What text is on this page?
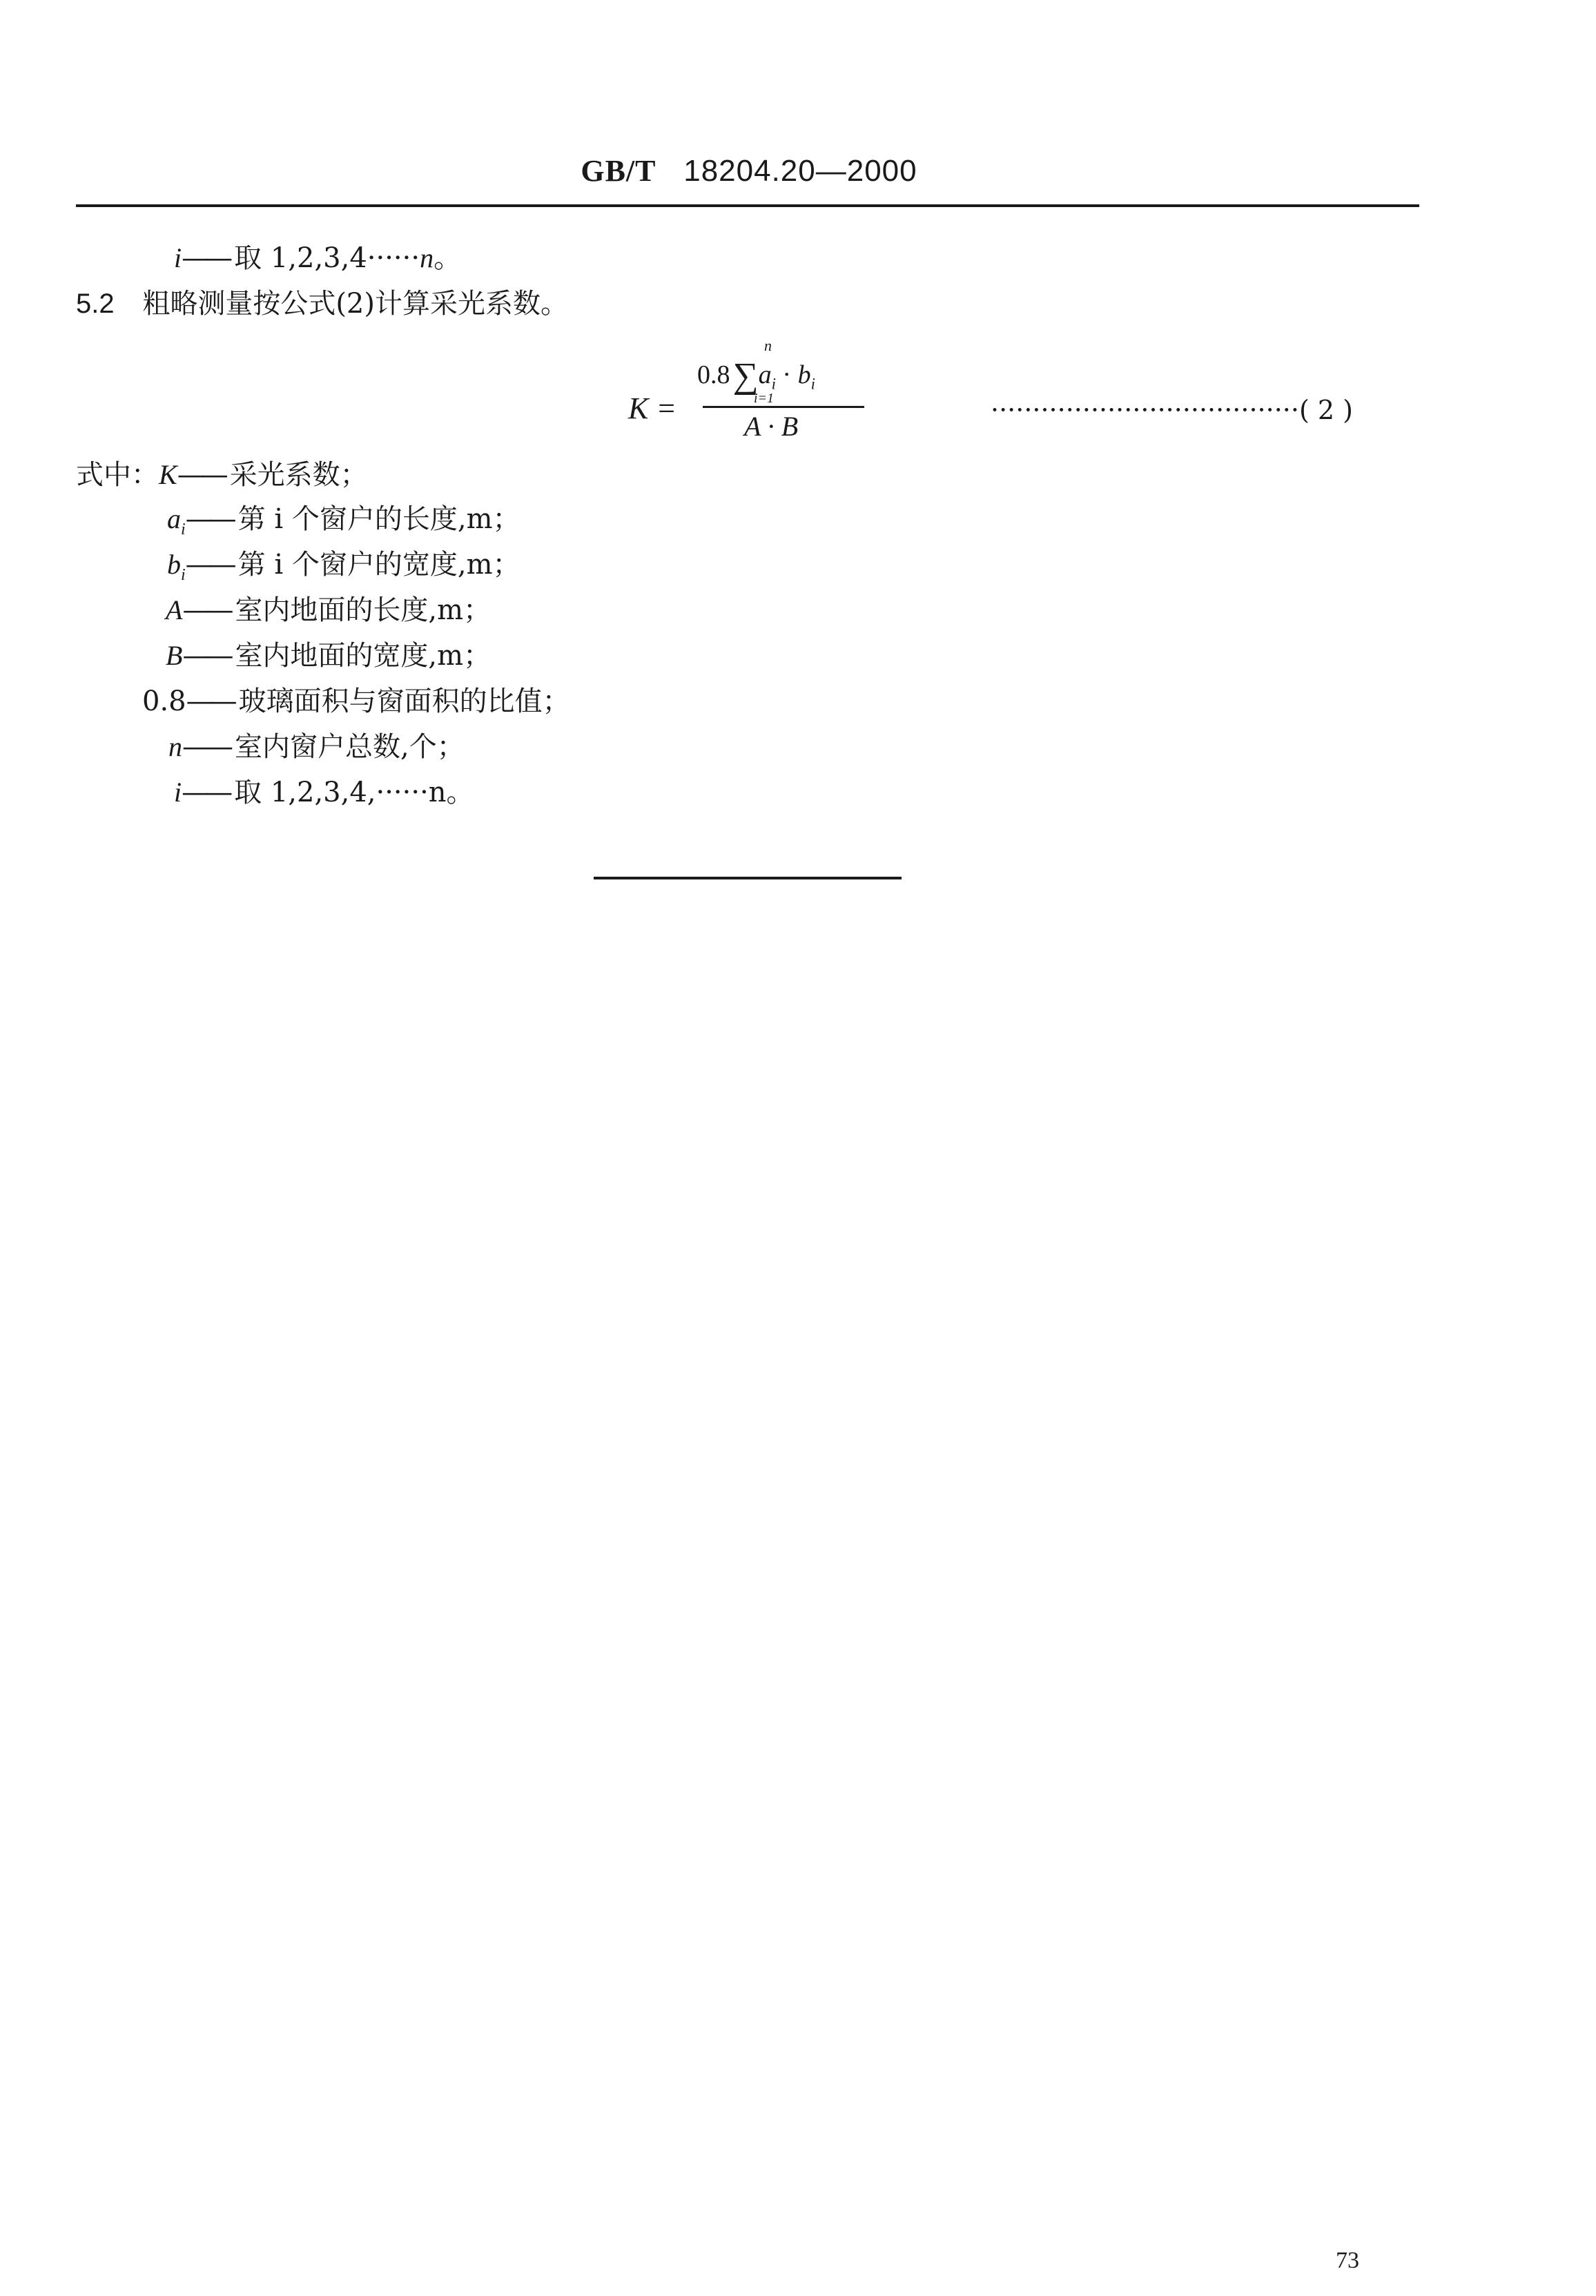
GB/T 18204.20—2000
i—— 取 1,2,3,4······n。
5.2 粗略测量按公式(2)计算采光系数。
K =
n
$0.8\sum a_i \cdot b_i$
i=1
A · B
·····································( 2 )
式中：K—— 采光系数；
$a_i——$ 第 i 个窗户的长度,m；
$b_i——$ 第 i 个窗户的宽度,m；
A—— 室内地面的长度,m；
B—— 室内地面的宽度,m；
0.8—— 玻璃面积与窗面积的比值；
n—— 室内窗户总数,个；
i—— 取 1,2,3,4,······n。
73
